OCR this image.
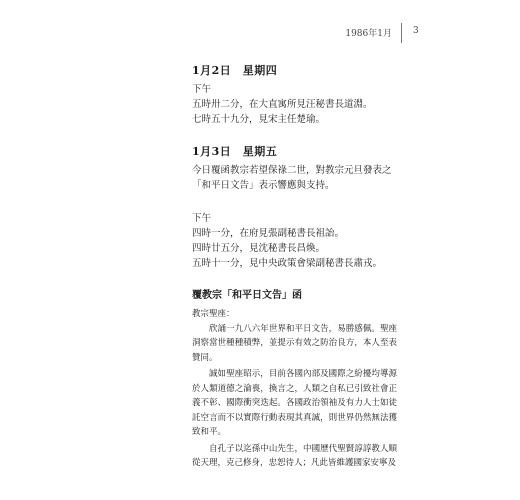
1986年1月 3

1月2日　星期四

下午

五時卅二分，在大直寓所見汪秘書長道淵。

七時五十九分，見宋主任楚瑜。

1月3日　星期五

今日覆函教宗若望保祿二世，對教宗元旦發表之「和平日文告」表示響應與支持。

下午

四時一分，在府見張副秘書長祖詒。

四時廿五分，見沈秘書長昌煥。

五時十一分，見中央政策會梁副秘書長肅戎。

覆教宗「和平日文告」函

教宗聖座：

欣誦一九八六年世界和平日文告，易勝感佩。聖座洞察當世種種積弊，並提示有效之防治良方，本人至表贊同。

誠如聖座昭示，目前各國內部及國際之紛擾均導源於人類道德之淪喪，換言之，人類之自私已引致社會正義不彰、國際衝突迭起。各國政治領袖及有力人士如徒託空言而不以實際行動表現其真誠，則世界仍然無法獲致和平。

自孔子以迄孫中山先生，中國歷代聖賢諄諄教人順從天理，克己修身，忠恕待人；凡此皆維護國家安寧及
